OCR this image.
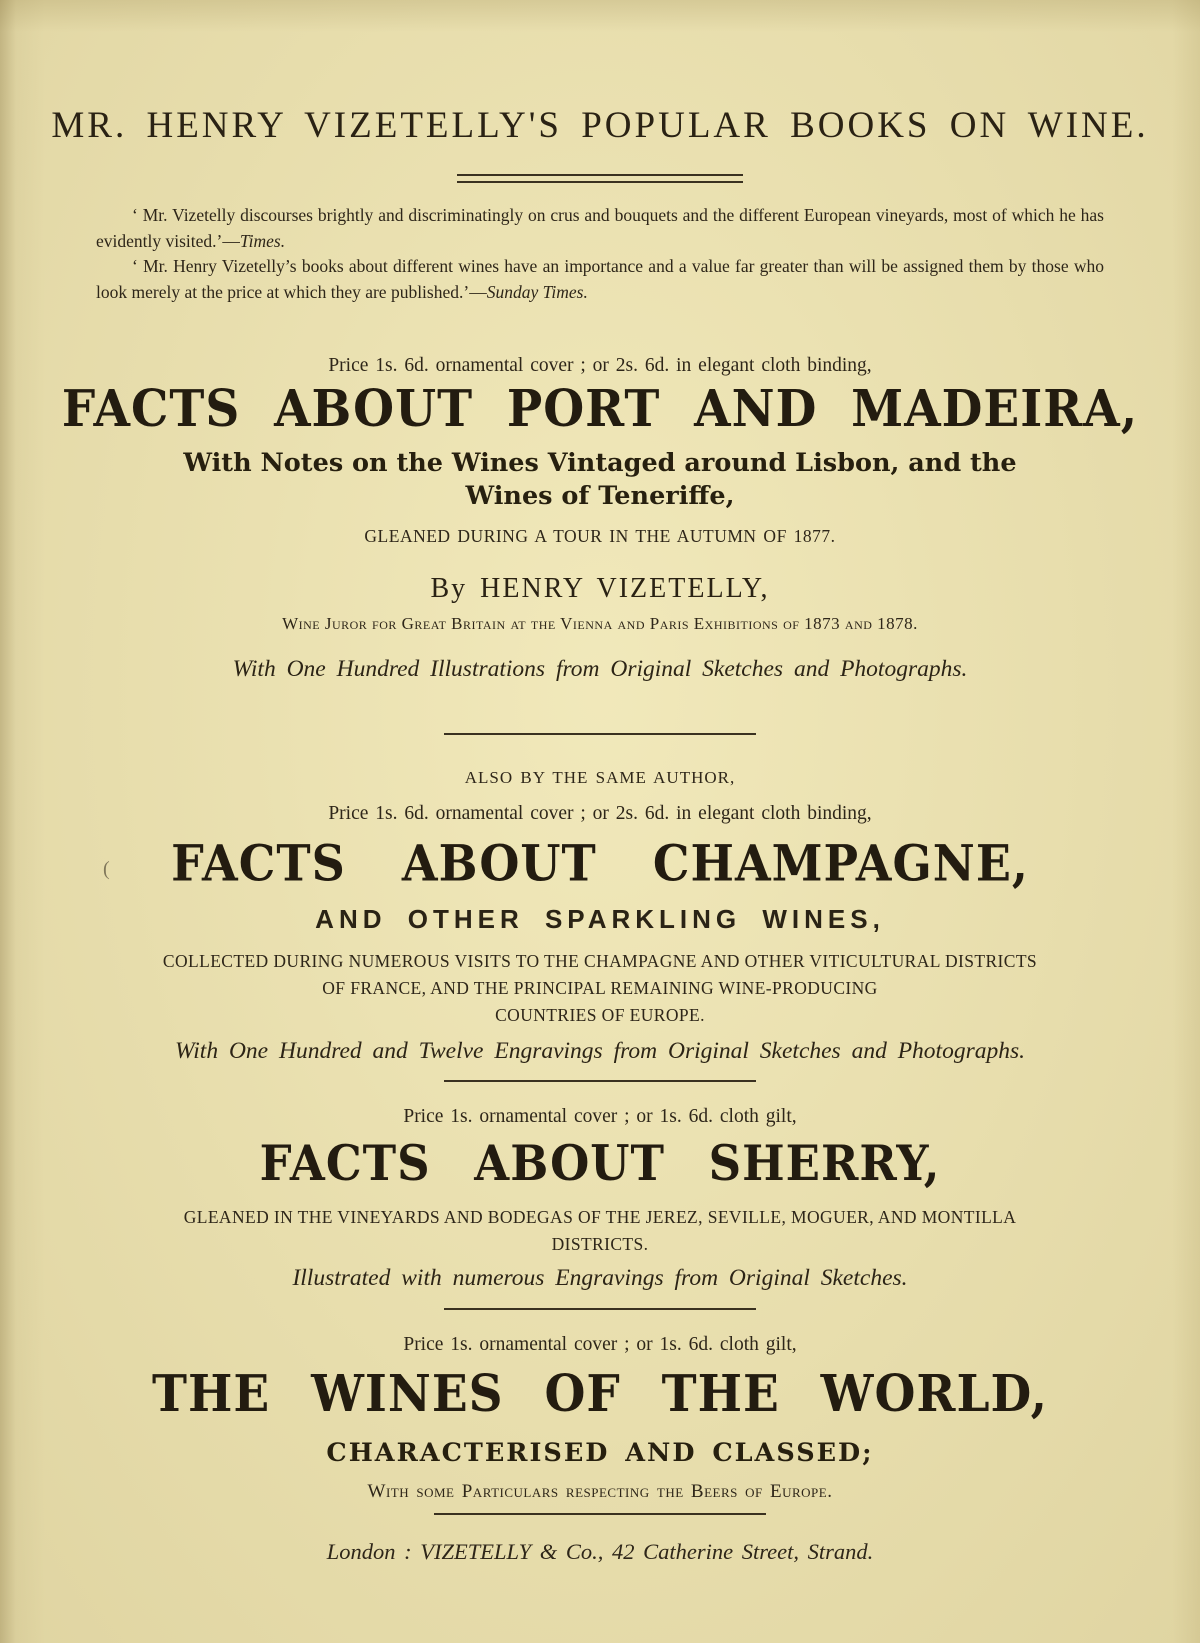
MR. HENRY VIZETELLY'S POPULAR BOOKS ON WINE.

‘ Mr. Vizetelly discourses brightly and discriminatingly on crus and bouquets and the different European vineyards, most of which he has evidently visited.’—Times.

‘ Mr. Henry Vizetelly’s books about different wines have an importance and a value far greater than will be assigned them by those who look merely at the price at which they are published.’—Sunday Times.

Price 1s. 6d. ornamental cover ; or 2s. 6d. in elegant cloth binding,
FACTS ABOUT PORT AND MADEIRA,
With Notes on the Wines Vintaged around Lisbon, and the
Wines of Teneriffe,
GLEANED DURING A TOUR IN THE AUTUMN OF 1877.
By HENRY VIZETELLY,
Wine Juror for Great Britain at the Vienna and Paris Exhibitions of 1873 and 1878.
With One Hundred Illustrations from Original Sketches and Photographs.
ALSO BY THE SAME AUTHOR,
Price 1s. 6d. ornamental cover ; or 2s. 6d. in elegant cloth binding,
FACTS ABOUT CHAMPAGNE,
AND OTHER SPARKLING WINES,
COLLECTED DURING NUMEROUS VISITS TO THE CHAMPAGNE AND OTHER VITICULTURAL DISTRICTS
OF FRANCE, AND THE PRINCIPAL REMAINING WINE-PRODUCING
COUNTRIES OF EUROPE.
With One Hundred and Twelve Engravings from Original Sketches and Photographs.
Price 1s. ornamental cover ; or 1s. 6d. cloth gilt,
FACTS ABOUT SHERRY,
GLEANED IN THE VINEYARDS AND BODEGAS OF THE JEREZ, SEVILLE, MOGUER, AND MONTILLA
DISTRICTS.
Illustrated with numerous Engravings from Original Sketches.
Price 1s. ornamental cover ; or 1s. 6d. cloth gilt,
THE WINES OF THE WORLD,
CHARACTERISED AND CLASSED;
With some Particulars respecting the Beers of Europe.
London : VIZETELLY & Co., 42 Catherine Street, Strand.
(
